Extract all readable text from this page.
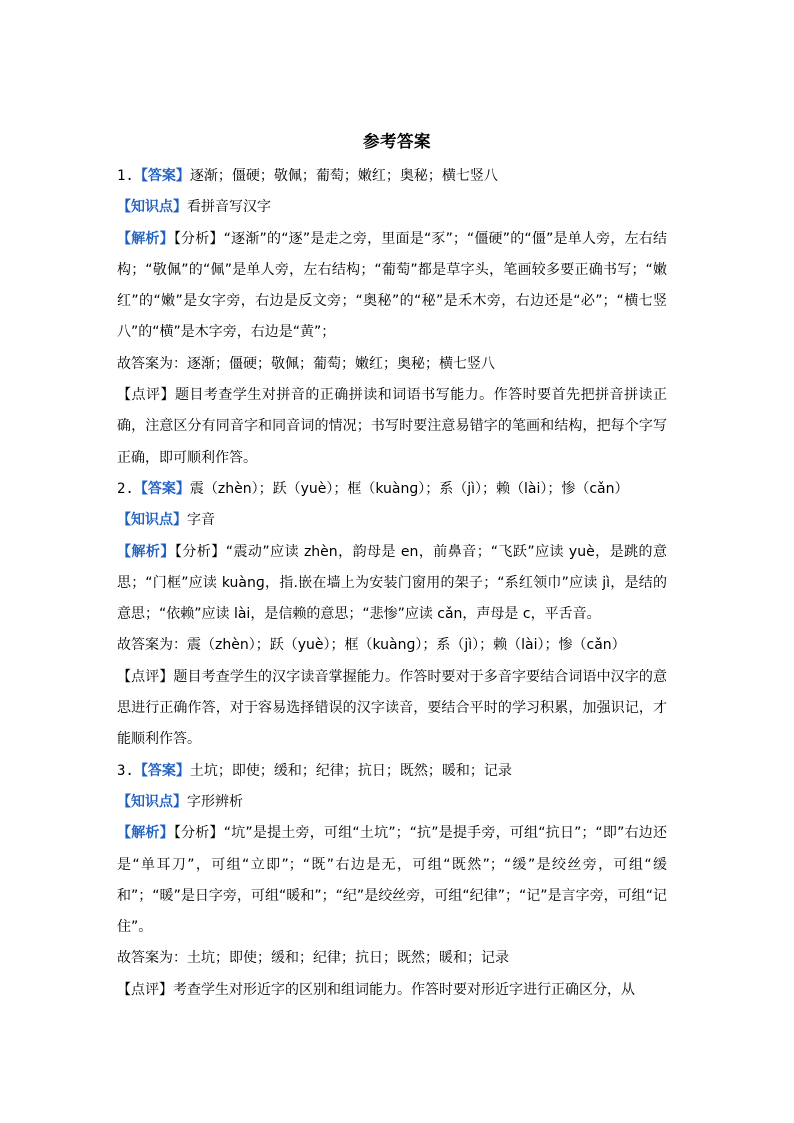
参考答案

1.【答案】逐渐；僵硬；敬佩；葡萄；嫩红；奥秘；横七竖八

【知识点】看拼音写汉字

【解析】【分析】“逐渐”的“逐”是走之旁，里面是“豕”；“僵硬”的“僵”是单人旁，左右结构；“敬佩”的“佩”是单人旁，左右结构；“葡萄”都是草字头，笔画较多要正确书写；“嫩红”的“嫩”是女字旁，右边是反文旁；“奥秘”的“秘”是禾木旁，右边还是“必”；“横七竖八”的“横”是木字旁，右边是“黄”；

故答案为：逐渐；僵硬；敬佩；葡萄；嫩红；奥秘；横七竖八

【点评】题目考查学生对拼音的正确拼读和词语书写能力。作答时要首先把拼音拼读正确，注意区分有同音字和同音词的情况；书写时要注意易错字的笔画和结构，把每个字写正确，即可顺利作答。

2.【答案】震（zhèn）；跃（yuè）；框（kuànɡ）；系（jì）；赖（lài）；惨（cǎn）

【知识点】字音

【解析】【分析】“震动”应读 zhèn，韵母是 en，前鼻音；“飞跃”应读 yuè，是跳的意思；“门框”应读 kuànɡ，指.嵌在墙上为安装门窗用的架子；“系红领巾”应读 jì，是结的意思；“依赖”应读 lài，是信赖的意思；“悲惨”应读 cǎn，声母是 c，平舌音。

故答案为：震（zhèn）；跃（yuè）；框（kuànɡ）；系（jì）；赖（lài）；惨（cǎn）

【点评】题目考查学生的汉字读音掌握能力。作答时要对于多音字要结合词语中汉字的意思进行正确作答，对于容易选择错误的汉字读音，要结合平时的学习积累，加强识记，才能顺利作答。

3.【答案】土坑；即使；缓和；纪律；抗日；既然；暖和；记录

【知识点】字形辨析

【解析】【分析】“坑”是提土旁，可组“土坑”；“抗”是提手旁，可组“抗日”；“即”右边还是“单耳刀”，可组“立即”；“既”右边是无，可组“既然”；“缓”是绞丝旁，可组“缓和”；“暖”是日字旁，可组“暖和”；“纪”是绞丝旁，可组“纪律”；“记”是言字旁，可组“记住”。

故答案为：土坑；即使；缓和；纪律；抗日；既然；暖和；记录

【点评】考查学生对形近字的区别和组词能力。作答时要对形近字进行正确区分，从
